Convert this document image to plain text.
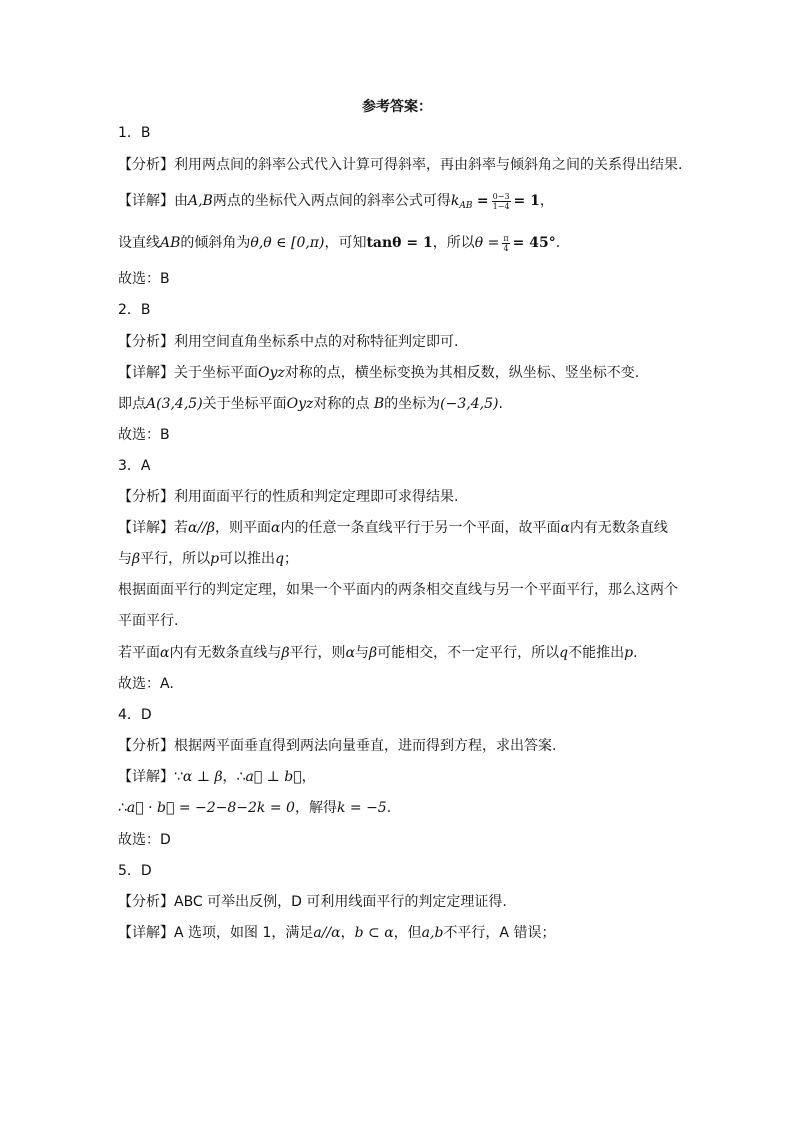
参考答案：
1．B
【分析】利用两点间的斜率公式代入计算可得斜率，再由斜率与倾斜角之间的关系得出结果.
【详解】由A,B两点的坐标代入两点间的斜率公式可得$k_{AB} = \frac{0-3}{1-4} = 1$，
设直线AB的倾斜角为θ,θ ∈ [0,π)，可知tanθ = 1，所以$\theta = \frac{\pi}{4} = 45^\circ$.
故选：B
2．B
【分析】利用空间直角坐标系中点的对称特征判定即可.
【详解】关于坐标平面Oyz对称的点，横坐标变换为其相反数，纵坐标、竖坐标不变.
即点A(3,4,5)关于坐标平面Oyz对称的点 B的坐标为(−3,4,5).
故选：B
3．A
【分析】利用面面平行的性质和判定定理即可求得结果.
【详解】若α//β，则平面α内的任意一条直线平行于另一个平面，故平面α内有无数条直线
与β平行，所以p可以推出q；
根据面面平行的判定定理，如果一个平面内的两条相交直线与另一个平面平行，那么这两个
平面平行.
若平面α内有无数条直线与β平行，则α与β可能相交，不一定平行，所以q不能推出p.
故选：A.
4．D
【分析】根据两平面垂直得到两法向量垂直，进而得到方程，求出答案.
【详解】∵α ⊥ β，∴a⃗ ⊥ b⃗，
∴a⃗ · b⃗ = −2−8−2k = 0，解得k = −5.
故选：D
5．D
【分析】ABC 可举出反例，D 可利用线面平行的判定定理证得.
【详解】A 选项，如图 1，满足a//α，b ⊂ α，但a,b不平行，A 错误；
